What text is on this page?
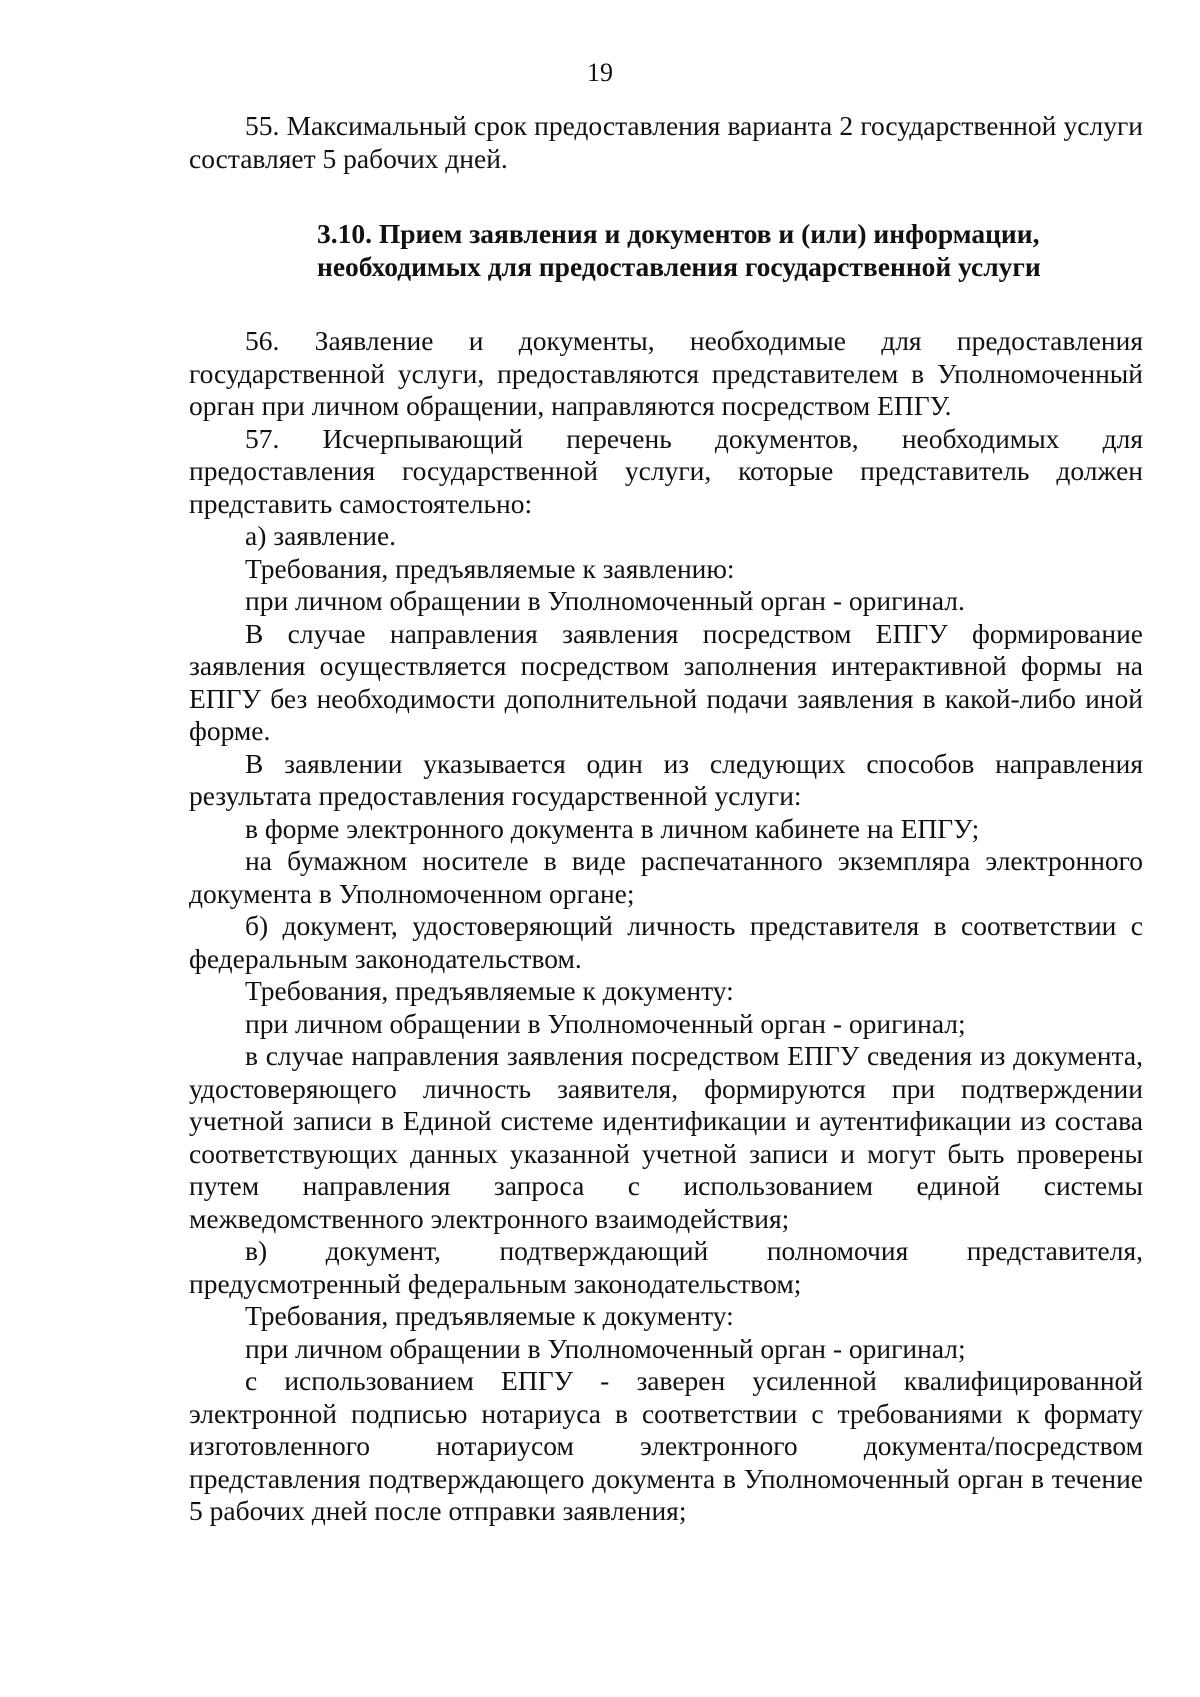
19

55. Максимальный срок предоставления варианта 2 государственной услуги составляет 5 рабочих дней.

3.10. Прием заявления и документов и (или) информации,
необходимых для предоставления государственной услуги

56. Заявление и документы, необходимые для предоставления государственной услуги, предоставляются представителем в Уполномоченный орган при личном обращении, направляются посредством ЕПГУ.

57. Исчерпывающий перечень документов, необходимых для предоставления государственной услуги, которые представитель должен представить самостоятельно:

а) заявление.

Требования, предъявляемые к заявлению:

при личном обращении в Уполномоченный орган - оригинал.

В случае направления заявления посредством ЕПГУ формирование заявления осуществляется посредством заполнения интерактивной формы на ЕПГУ без необходимости дополнительной подачи заявления в какой-либо иной форме.

В заявлении указывается один из следующих способов направления результата предоставления государственной услуги:

в форме электронного документа в личном кабинете на ЕПГУ;

на бумажном носителе в виде распечатанного экземпляра электронного документа в Уполномоченном органе;

б) документ, удостоверяющий личность представителя в соответствии с федеральным законодательством.

Требования, предъявляемые к документу:

при личном обращении в Уполномоченный орган - оригинал;

в случае направления заявления посредством ЕПГУ сведения из документа, удостоверяющего личность заявителя, формируются при подтверждении учетной записи в Единой системе идентификации и аутентификации из состава соответствующих данных указанной учетной записи и могут быть проверены путем направления запроса с использованием единой системы межведомственного электронного взаимодействия;

в) документ, подтверждающий полномочия представителя, предусмотренный федеральным законодательством;

Требования, предъявляемые к документу:

при личном обращении в Уполномоченный орган - оригинал;

с использованием ЕПГУ - заверен усиленной квалифицированной электронной подписью нотариуса в соответствии с требованиями к формату изготовленного нотариусом электронного документа/посредством представления подтверждающего документа в Уполномоченный орган в течение 5 рабочих дней после отправки заявления;
